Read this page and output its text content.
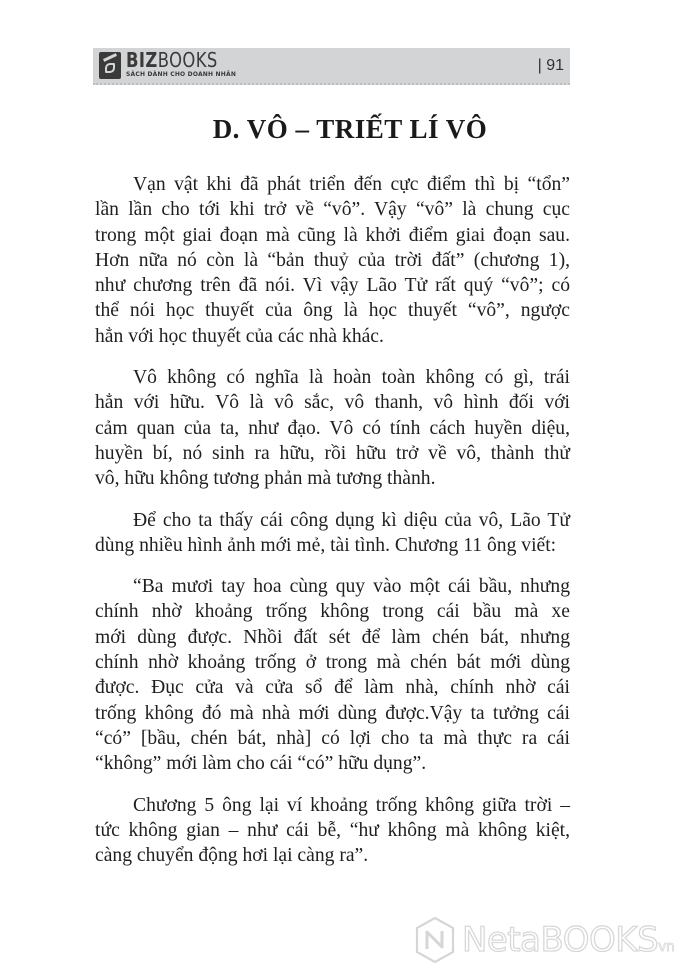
BIZBOOKS
SÁCH DÀNH CHO DOANH NHÂN
| 91
D. VÔ – TRIẾT LÍ VÔ
Vạn vật khi đã phát triển đến cực điểm thì bị “tổn”
lần lần cho tới khi trở về “vô”. Vậy “vô” là chung cục
trong một giai đoạn mà cũng là khởi điểm giai đoạn sau.
Hơn nữa nó còn là “bản thuỷ của trời đất” (chương 1),
như chương trên đã nói. Vì vậy Lão Tử rất quý “vô”; có
thể nói học thuyết của ông là học thuyết “vô”, ngược
hẳn với học thuyết của các nhà khác.
Vô không có nghĩa là hoàn toàn không có gì, trái
hẳn với hữu. Vô là vô sắc, vô thanh, vô hình đối với
cảm quan của ta, như đạo. Vô có tính cách huyền diệu,
huyền bí, nó sinh ra hữu, rồi hữu trở về vô, thành thử
vô, hữu không tương phản mà tương thành.
Để cho ta thấy cái công dụng kì diệu của vô, Lão Tử
dùng nhiều hình ảnh mới mẻ, tài tình. Chương 11 ông viết:
“Ba mươi tay hoa cùng quy vào một cái bầu, nhưng
chính nhờ khoảng trống không trong cái bầu mà xe
mới dùng được. Nhồi đất sét để làm chén bát, nhưng
chính nhờ khoảng trống ở trong mà chén bát mới dùng
được. Đục cửa và cửa sổ để làm nhà, chính nhờ cái
trống không đó mà nhà mới dùng được.Vậy ta tưởng cái
“có” [bầu, chén bát, nhà] có lợi cho ta mà thực ra cái
“không” mới làm cho cái “có” hữu dụng”.
Chương 5 ông lại ví khoảng trống không giữa trời –
tức không gian – như cái bễ, “hư không mà không kiệt,
càng chuyển động hơi lại càng ra”.
NetaBOOKSvn
